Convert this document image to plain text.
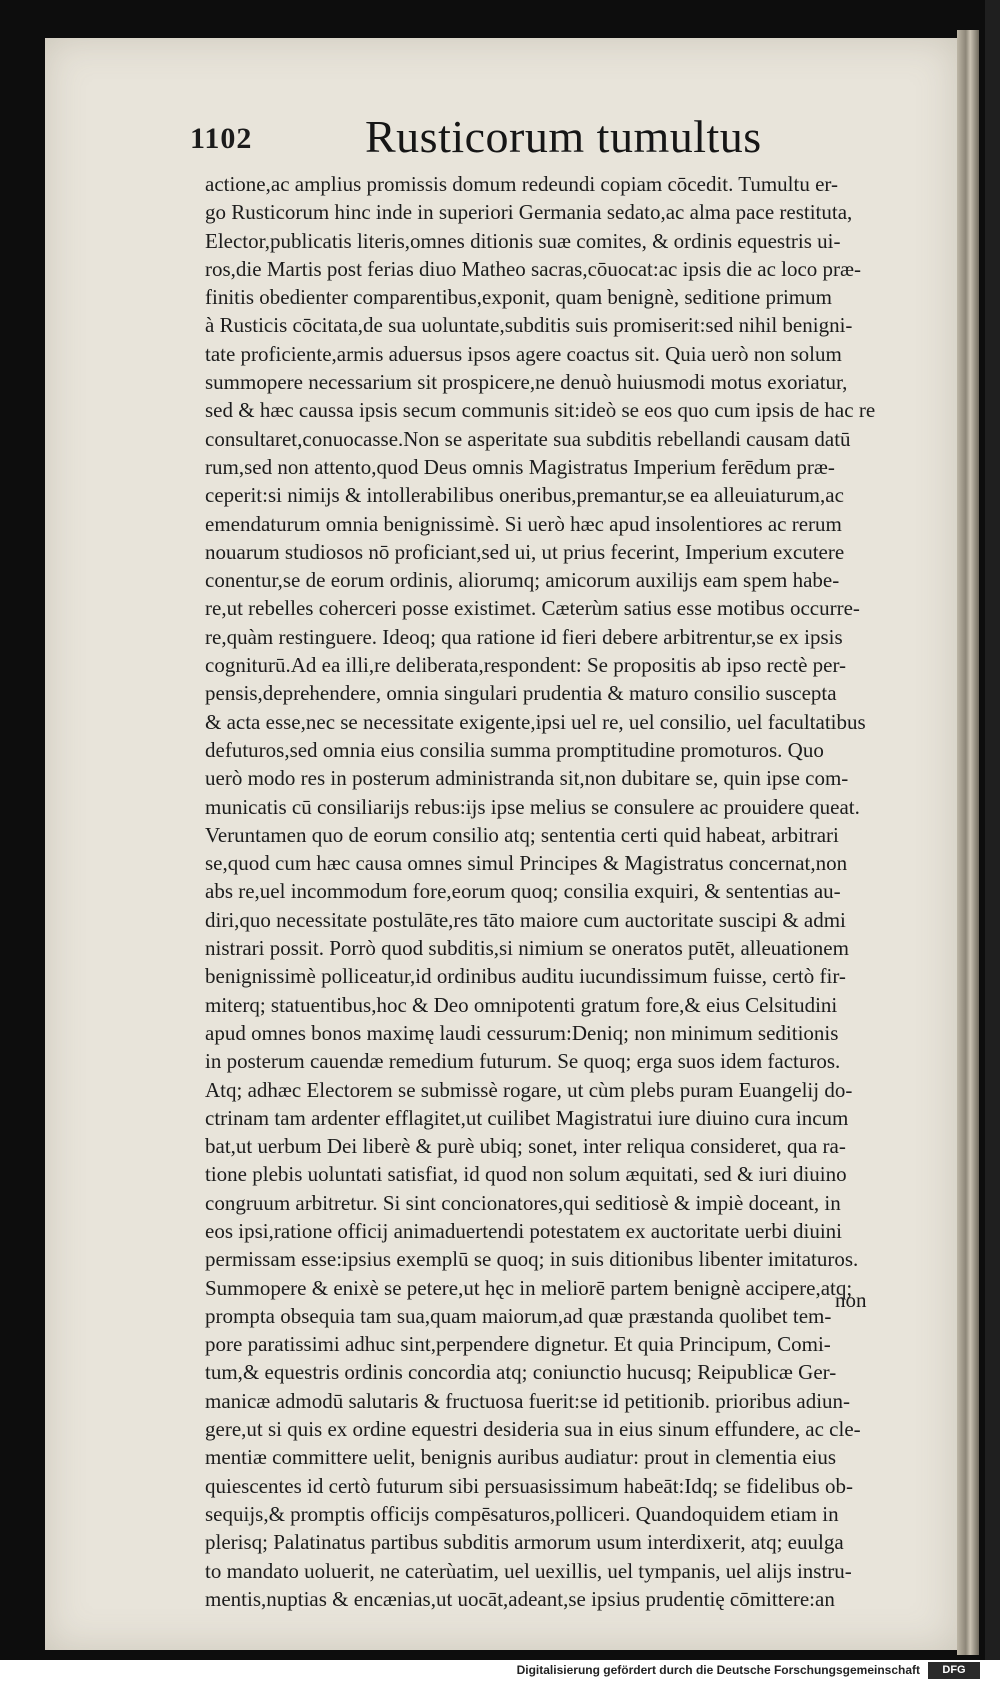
1102 Rusticorum tumultus
actione,ac amplius promissis domum redeundi copiam cōcedit. Tumultu er-
go Rusticorum hinc inde in superiori Germania sedato,ac alma pace restituta,
Elector,publicatis literis,omnes ditionis suæ comites, & ordinis equestris ui-
ros,die Martis post ferias diuo Matheo sacras,cōuocat:ac ipsis die ac loco præ-
finitis obedienter comparentibus,exponit, quam benignè, seditione primum
à Rusticis cōcitata,de sua uoluntate,subditis suis promiserit:sed nihil benigni-
tate proficiente,armis aduersus ipsos agere coactus sit. Quia uerò non solum
summopere necessarium sit prospicere,ne denuò huiusmodi motus exoriatur,
sed & hæc caussa ipsis secum communis sit:ideò se eos quo cum ipsis de hac re
consultaret,conuocasse.Non se asperitate sua subditis rebellandi causam datū
rum,sed non attento,quod Deus omnis Magistratus Imperium ferēdum præ-
ceperit:si nimijs & intollerabilibus oneribus,premantur,se ea alleuiaturum,ac
emendaturum omnia benignissimè. Si uerò hæc apud insolentiores ac rerum
nouarum studiosos nō proficiant,sed ui, ut prius fecerint, Imperium excutere
conentur,se de eorum ordinis, aliorumq; amicorum auxilijs eam spem habe-
re,ut rebelles coherceri posse existimet. Cæterùm satius esse motibus occurre-
re,quàm restinguere. Ideoq; qua ratione id fieri debere arbitrentur,se ex ipsis
cogniturū.Ad ea illi,re deliberata,respondent: Se propositis ab ipso rectè per-
pensis,deprehendere, omnia singulari prudentia & maturo consilio suscepta
& acta esse,nec se necessitate exigente,ipsi uel re, uel consilio, uel facultatibus
defuturos,sed omnia eius consilia summa promptitudine promoturos. Quo
uerò modo res in posterum administranda sit,non dubitare se, quin ipse com-
municatis cū consiliarijs rebus:ijs ipse melius se consulere ac prouidere queat.
Veruntamen quo de eorum consilio atq; sententia certi quid habeat, arbitrari
se,quod cum hæc causa omnes simul Principes & Magistratus concernat,non
abs re,uel incommodum fore,eorum quoq; consilia exquiri, & sententias au-
diri,quo necessitate postulāte,res tāto maiore cum auctoritate suscipi & admi
nistrari possit. Porrò quod subditis,si nimium se oneratos putēt, alleuationem
benignissimè polliceatur,id ordinibus auditu iucundissimum fuisse, certò fir-
miterq; statuentibus,hoc & Deo omnipotenti gratum fore,& eius Celsitudini
apud omnes bonos maximę laudi cessurum:Deniq; non minimum seditionis
in posterum cauendæ remedium futurum. Se quoq; erga suos idem facturos.
Atq; adhæc Electorem se submissè rogare, ut cùm plebs puram Euangelij do-
ctrinam tam ardenter efflagitet,ut cuilibet Magistratui iure diuino cura incum
bat,ut uerbum Dei liberè & purè ubiq; sonet, inter reliqua consideret, qua ra-
tione plebis uoluntati satisfiat, id quod non solum æquitati, sed & iuri diuino
congruum arbitretur. Si sint concionatores,qui seditiosè & impiè doceant, in
eos ipsi,ratione officij animaduertendi potestatem ex auctoritate uerbi diuini
permissam esse:ipsius exemplū se quoq; in suis ditionibus libenter imitaturos.
Summopere & enixè se petere,ut hęc in meliorē partem benignè accipere,atq;
prompta obsequia tam sua,quam maiorum,ad quæ præstanda quolibet tem-
pore paratissimi adhuc sint,perpendere dignetur. Et quia Principum, Comi-
tum,& equestris ordinis concordia atq; coniunctio hucusq; Reipublicæ Ger-
manicæ admodū salutaris & fructuosa fuerit:se id petitionib. prioribus adiun-
gere,ut si quis ex ordine equestri desideria sua in eius sinum effundere, ac cle-
mentiæ committere uelit, benignis auribus audiatur: prout in clementia eius
quiescentes id certò futurum sibi persuasissimum habeāt:Idq; se fidelibus ob-
sequijs,& promptis officijs compēsaturos,polliceri. Quandoquidem etiam in
plerisq; Palatinatus partibus subditis armorum usum interdixerit, atq; euulga
to mandato uoluerit, ne caterùatim, uel uexillis, uel tympanis, uel alijs instru-
mentis,nuptias & encænias,ut uocāt,adeant,se ipsius prudentię cōmittere:an
non
Digitalisierung gefördert durch die Deutsche Forschungsgemeinschaft	DFG
